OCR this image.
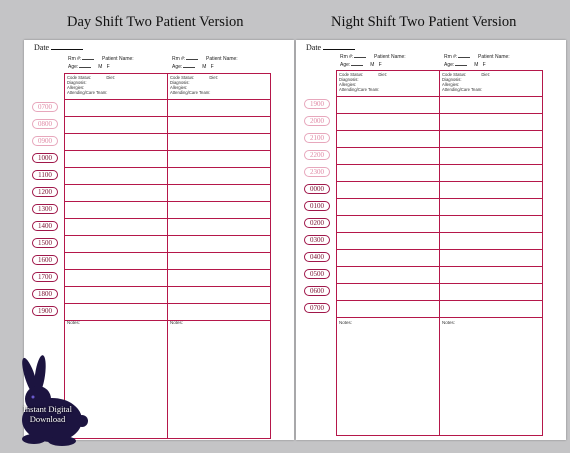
Day Shift Two Patient Version	Night Shift Two Patient Version
Date
Rm #:	Patient Name:
Age:	M F
Rm #:	Patient Name:
Age:	M F
Code Status:	Diet:
Diagnosis:
Allergies:
Attending/Care Team:
Code Status:	Diet:
Diagnosis:
Allergies:
Attending/Care Team:
Notes:	Notes:
0700
0800
0900
1000
1100
1200
1300
1400
1500
1600
1700
1800
1900
Date
Rm #:	Patient Name:
Age:	M F
Rm #:	Patient Name:
Age:	M F
Code Status:	Diet:
Diagnosis:
Allergies:
Attending/Care Team:
Code Status:	Diet:
Diagnosis:
Allergies:
Attending/Care Team:
Notes:	Notes:
1900
2000
2100
2200
2300
0000
0100
0200
0300
0400
0500
0600
0700
Instant Digital
Download
